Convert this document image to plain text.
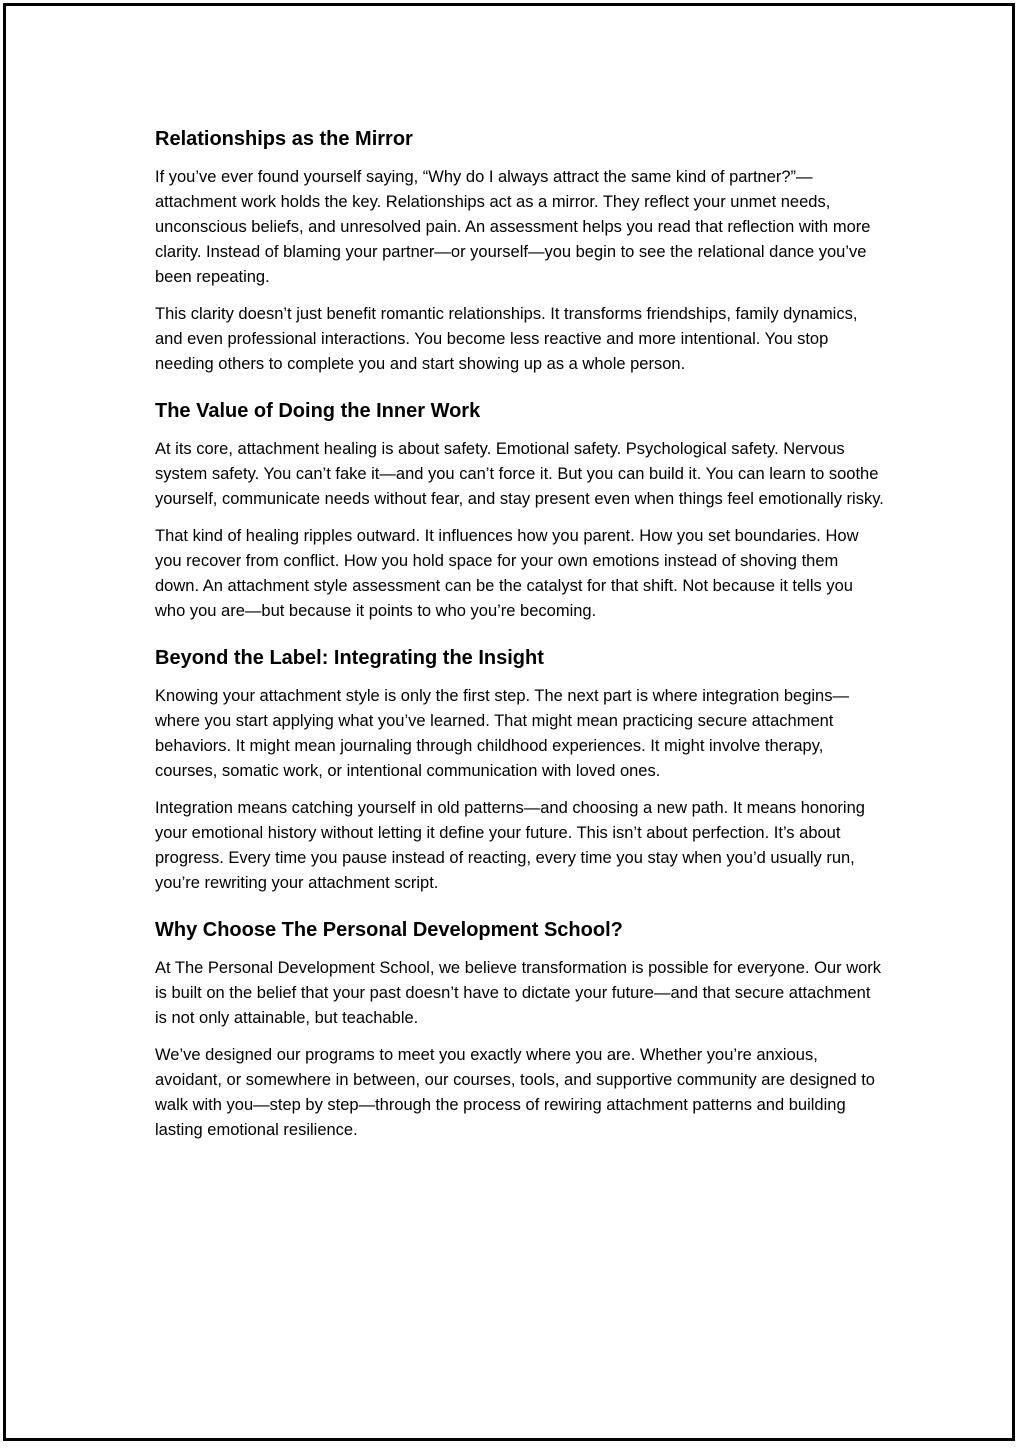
Relationships as the Mirror

If you’ve ever found yourself saying, “Why do I always attract the same kind of partner?”—attachment work holds the key. Relationships act as a mirror. They reflect your unmet needs, unconscious beliefs, and unresolved pain. An assessment helps you read that reflection with more clarity. Instead of blaming your partner—or yourself—you begin to see the relational dance you’ve been repeating.

This clarity doesn’t just benefit romantic relationships. It transforms friendships, family dynamics, and even professional interactions. You become less reactive and more intentional. You stop needing others to complete you and start showing up as a whole person.

The Value of Doing the Inner Work

At its core, attachment healing is about safety. Emotional safety. Psychological safety. Nervous system safety. You can’t fake it—and you can’t force it. But you can build it. You can learn to soothe yourself, communicate needs without fear, and stay present even when things feel emotionally risky.

That kind of healing ripples outward. It influences how you parent. How you set boundaries. How you recover from conflict. How you hold space for your own emotions instead of shoving them down. An attachment style assessment can be the catalyst for that shift. Not because it tells you who you are—but because it points to who you’re becoming.

Beyond the Label: Integrating the Insight

Knowing your attachment style is only the first step. The next part is where integration begins—where you start applying what you’ve learned. That might mean practicing secure attachment behaviors. It might mean journaling through childhood experiences. It might involve therapy, courses, somatic work, or intentional communication with loved ones.

Integration means catching yourself in old patterns—and choosing a new path. It means honoring your emotional history without letting it define your future. This isn’t about perfection. It’s about progress. Every time you pause instead of reacting, every time you stay when you’d usually run, you’re rewriting your attachment script.

Why Choose The Personal Development School?

At The Personal Development School, we believe transformation is possible for everyone. Our work is built on the belief that your past doesn’t have to dictate your future—and that secure attachment is not only attainable, but teachable.

We’ve designed our programs to meet you exactly where you are. Whether you’re anxious, avoidant, or somewhere in between, our courses, tools, and supportive community are designed to walk with you—step by step—through the process of rewiring attachment patterns and building lasting emotional resilience.
